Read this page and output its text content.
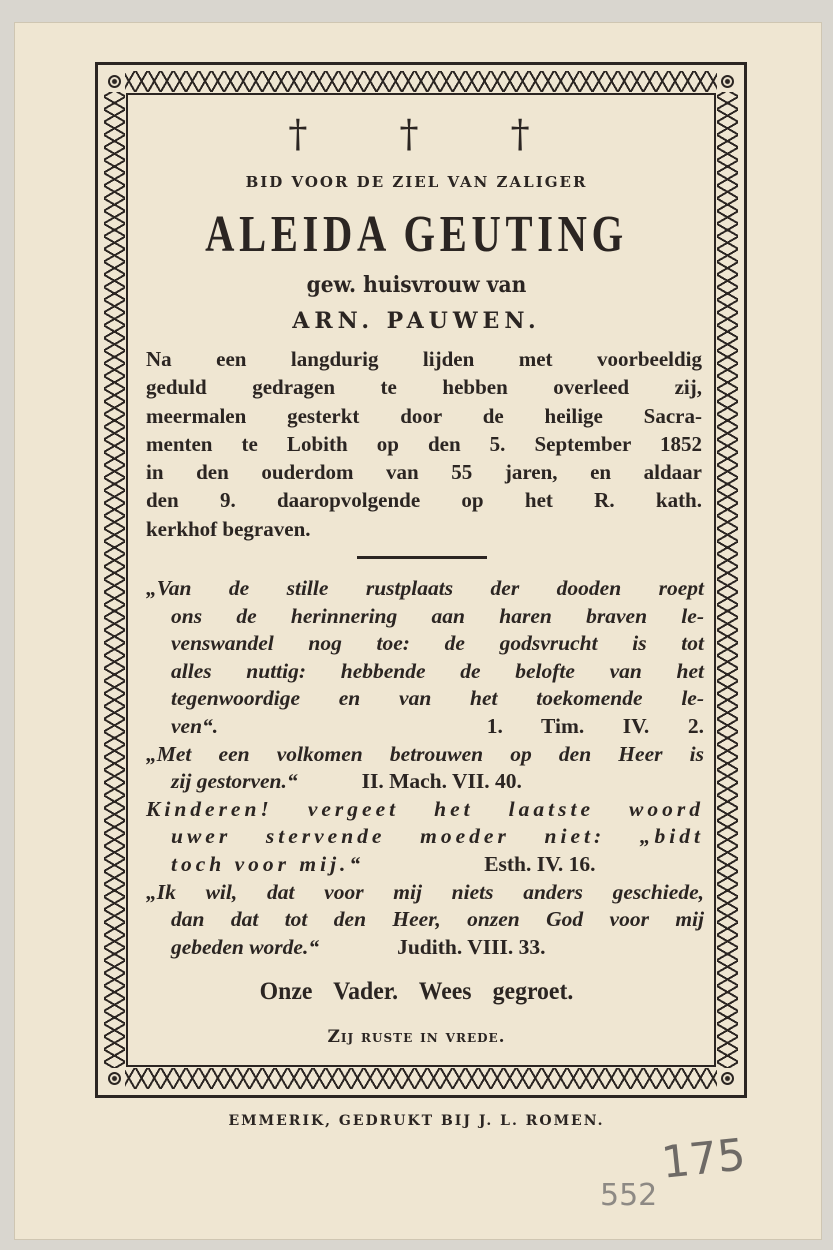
† † †
BID VOOR DE ZIEL VAN ZALIGER
ALEIDA GEUTING
gew. huisvrouw van
ARN. PAUWEN.
Na een langdurig lijden met voorbeeldig
geduld gedragen te hebben overleed zij,
meermalen gesterkt door de heilige Sacra-
menten te Lobith op den 5. September 1852
in den ouderdom van 55 jaren, en aldaar
den 9. daaropvolgende op het R. kath.
kerkhof begraven.
„Van de stille rustplaats der dooden roept
ons de herinnering aan haren braven le-
venswandel nog toe: de godsvrucht is tot
alles nuttig: hebbende de belofte van het
tegenwoordige en van het toekomende le-
ven“.	1. Tim. IV. 2.
„Met een volkomen betrouwen op den Heer is
zij gestorven.“	II. Mach. VII. 40.
Kinderen! vergeet het laatste woord
uwer stervende moeder niet: „bidt
toch voor mij.“	Esth. IV. 16.
„Ik wil, dat voor mij niets anders geschiede,
dan dat tot den Heer, onzen God voor mij
gebeden worde.“	Judith. VIII. 33.
Onze Vader. Wees gegroet.
Zij ruste in vrede.
EMMERIK, GEDRUKT BIJ J. L. ROMEN.
175
552
